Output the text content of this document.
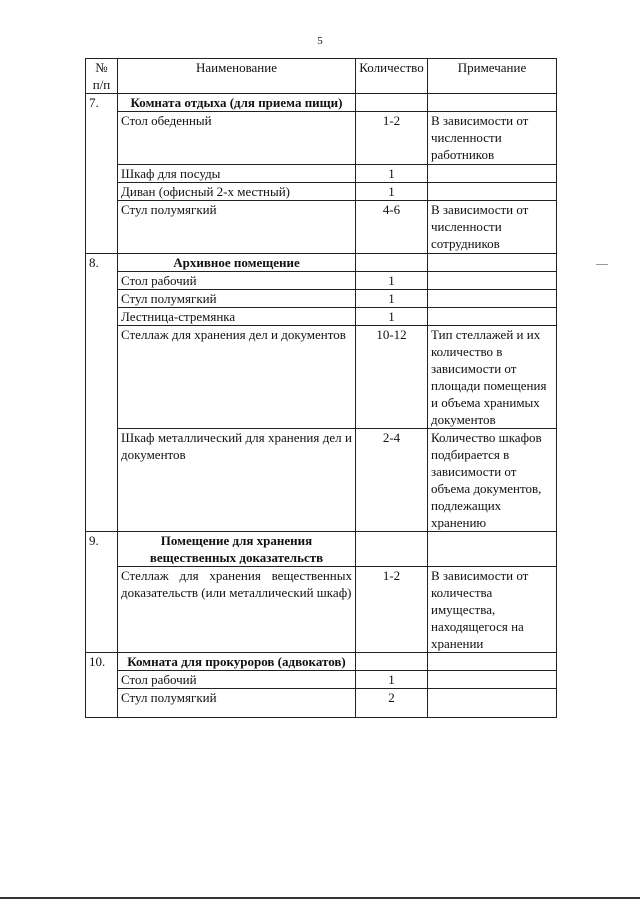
5
№ п/п	Наименование	Количество	Примечание
7.	Комната отдыха (для приема пищи)		
	Стол обеденный	1-2	В зависимости от численности работников
	Шкаф для посуды	1	
	Диван (офисный 2-х местный)	1	
	Стул полумягкий	4-6	В зависимости от численности сотрудников
8.	Архивное помещение		
	Стол рабочий	1	
	Стул полумягкий	1	
	Лестница-стремянка	1	
	Стеллаж для хранения дел и документов	10-12	Тип стеллажей и их количество в зависимости от площади помещения и объема хранимых документов
	Шкаф металлический для хранения дел и документов	2-4	Количество шкафов подбирается в зависимости от объема документов, подлежащих хранению
9.	Помещение для хранения вещественных доказательств		
	Стеллаж для хранения вещественных доказательств (или металлический шкаф)	1-2	В зависимости от количества имущества, находящегося на хранении
10.	Комната для прокуроров (адвокатов)		
	Стол рабочий	1	
	Стул полумягкий	2	
